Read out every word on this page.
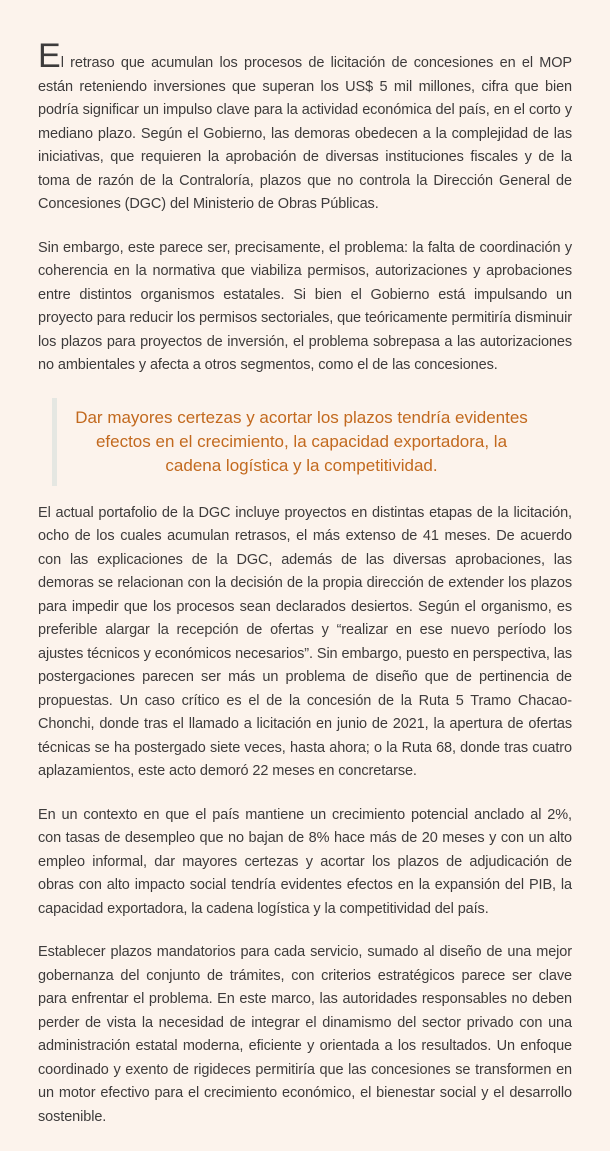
El retraso que acumulan los procesos de licitación de concesiones en el MOP están reteniendo inversiones que superan los US$ 5 mil millones, cifra que bien podría significar un impulso clave para la actividad económica del país, en el corto y mediano plazo. Según el Gobierno, las demoras obedecen a la complejidad de las iniciativas, que requieren la aprobación de diversas instituciones fiscales y de la toma de razón de la Contraloría, plazos que no controla la Dirección General de Concesiones (DGC) del Ministerio de Obras Públicas.

Sin embargo, este parece ser, precisamente, el problema: la falta de coordinación y coherencia en la normativa que viabiliza permisos, autorizaciones y aprobaciones entre distintos organismos estatales. Si bien el Gobierno está impulsando un proyecto para reducir los permisos sectoriales, que teóricamente permitiría disminuir los plazos para proyectos de inversión, el problema sobrepasa a las autorizaciones no ambientales y afecta a otros segmentos, como el de las concesiones.

Dar mayores certezas y acortar los plazos tendría evidentes efectos en el crecimiento, la capacidad exportadora, la cadena logística y la competitividad.

El actual portafolio de la DGC incluye proyectos en distintas etapas de la licitación, ocho de los cuales acumulan retrasos, el más extenso de 41 meses. De acuerdo con las explicaciones de la DGC, además de las diversas aprobaciones, las demoras se relacionan con la decisión de la propia dirección de extender los plazos para impedir que los procesos sean declarados desiertos. Según el organismo, es preferible alargar la recepción de ofertas y “realizar en ese nuevo período los ajustes técnicos y económicos necesarios”. Sin embargo, puesto en perspectiva, las postergaciones parecen ser más un problema de diseño que de pertinencia de propuestas. Un caso crítico es el de la concesión de la Ruta 5 Tramo Chacao-Chonchi, donde tras el llamado a licitación en junio de 2021, la apertura de ofertas técnicas se ha postergado siete veces, hasta ahora; o la Ruta 68, donde tras cuatro aplazamientos, este acto demoró 22 meses en concretarse.

En un contexto en que el país mantiene un crecimiento potencial anclado al 2%, con tasas de desempleo que no bajan de 8% hace más de 20 meses y con un alto empleo informal, dar mayores certezas y acortar los plazos de adjudicación de obras con alto impacto social tendría evidentes efectos en la expansión del PIB, la capacidad exportadora, la cadena logística y la competitividad del país.

Establecer plazos mandatorios para cada servicio, sumado al diseño de una mejor gobernanza del conjunto de trámites, con criterios estratégicos parece ser clave para enfrentar el problema. En este marco, las autoridades responsables no deben perder de vista la necesidad de integrar el dinamismo del sector privado con una administración estatal moderna, eficiente y orientada a los resultados. Un enfoque coordinado y exento de rigideces permitiría que las concesiones se transformen en un motor efectivo para el crecimiento económico, el bienestar social y el desarrollo sostenible.
